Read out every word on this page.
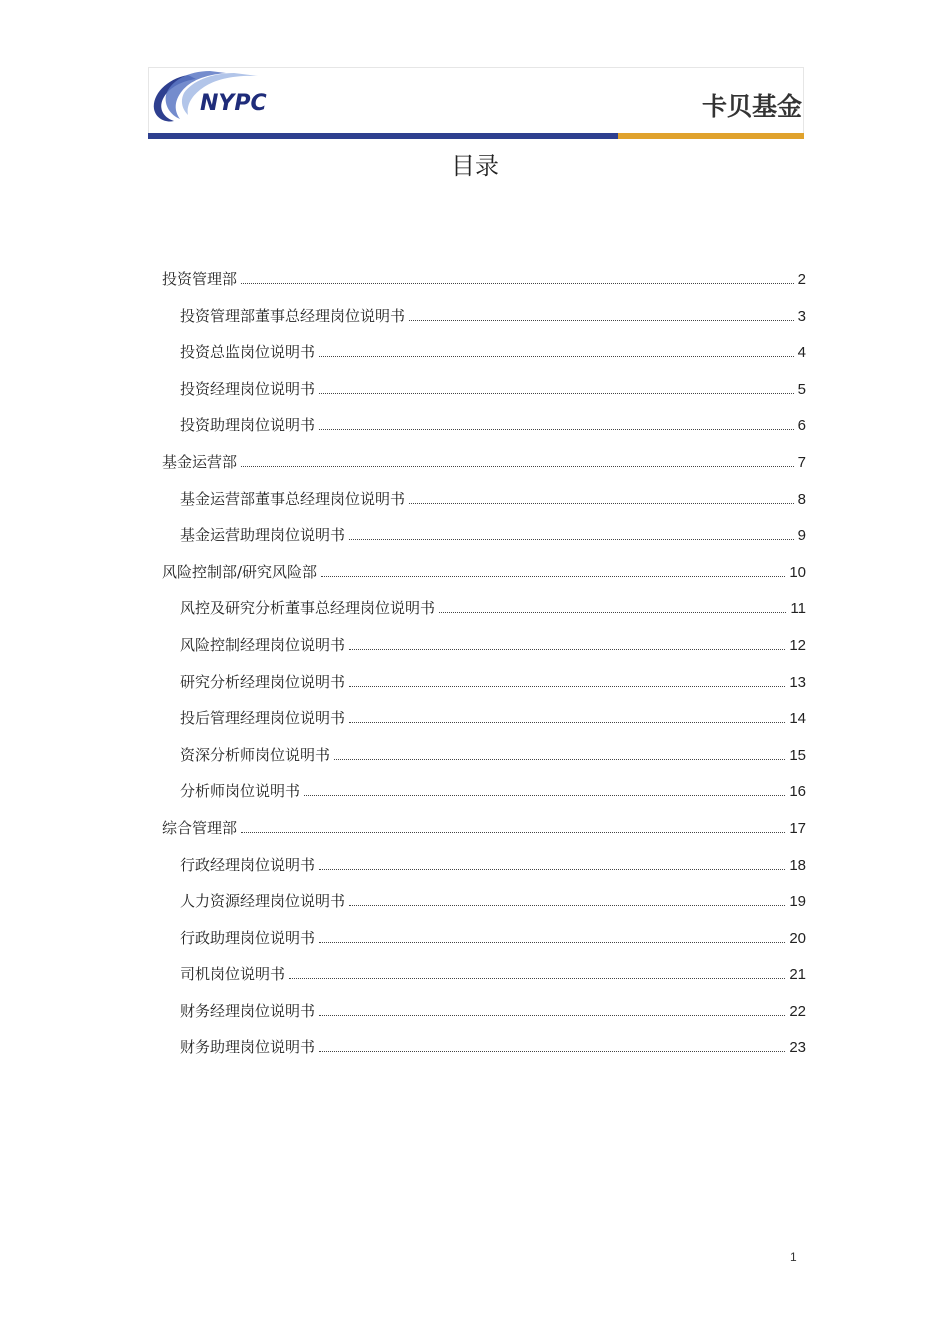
NYPC	卡贝基金
目录
投资管理部	2
投资管理部董事总经理岗位说明书	3
投资总监岗位说明书	4
投资经理岗位说明书	5
投资助理岗位说明书	6
基金运营部	7
基金运营部董事总经理岗位说明书	8
基金运营助理岗位说明书	9
风险控制部/研究风险部	10
风控及研究分析董事总经理岗位说明书	11
风险控制经理岗位说明书	12
研究分析经理岗位说明书	13
投后管理经理岗位说明书	14
资深分析师岗位说明书	15
分析师岗位说明书	16
综合管理部	17
行政经理岗位说明书	18
人力资源经理岗位说明书	19
行政助理岗位说明书	20
司机岗位说明书	21
财务经理岗位说明书	22
财务助理岗位说明书	23
1
